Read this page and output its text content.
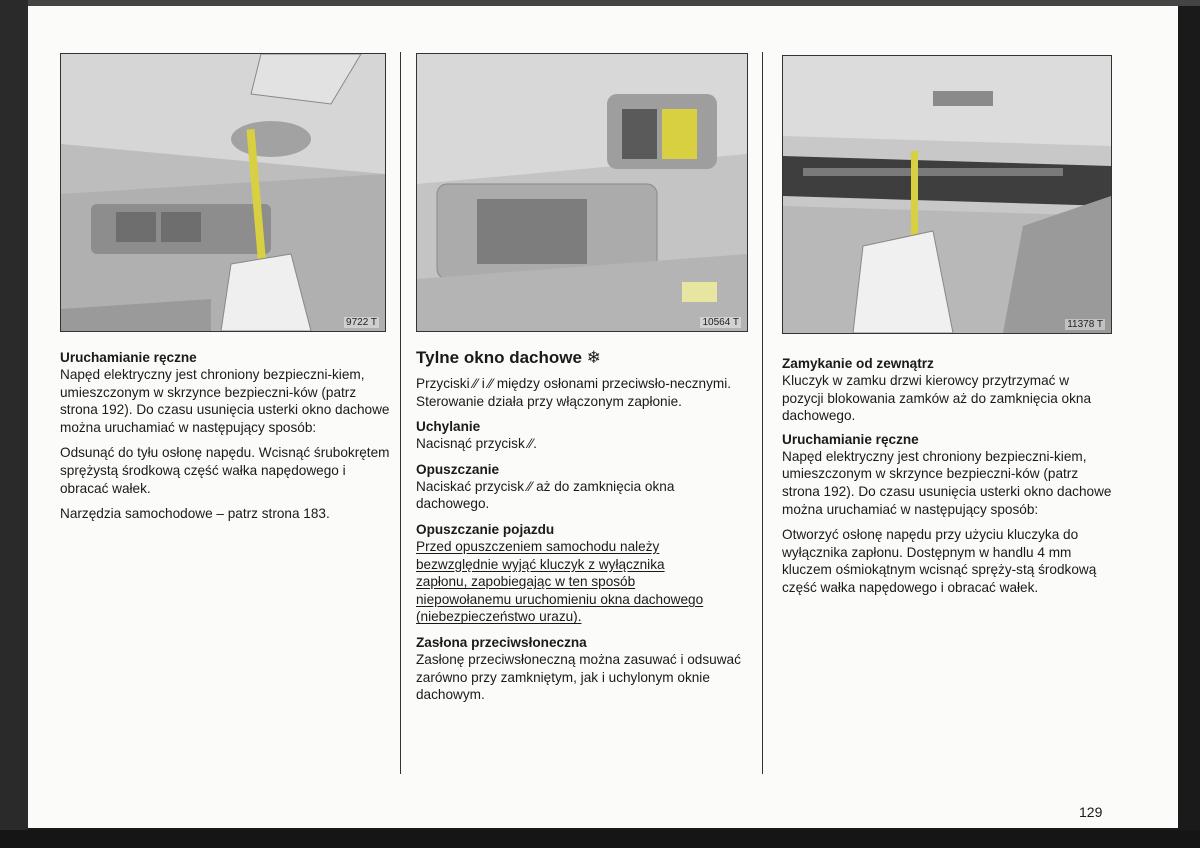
9722 T
Uruchamianie ręczne

Napęd elektryczny jest chroniony bezpieczni-kiem, umieszczonym w skrzynce bezpieczni-ków (patrz strona 192). Do czasu usunięcia usterki okno dachowe można uruchamiać w następujący sposób:

Odsunąć do tyłu osłonę napędu. Wcisnąć śrubokrętem sprężystą środkową część wałka napędowego i obracać wałek.

Narzędzia samochodowe – patrz strona 183.

10564 T
Tylne okno dachowe ❄

Przyciski ⁄⁄ i ⁄⁄ między osłonami przeciwsło-necznymi. Sterowanie działa przy włączonym zapłonie.

Uchylanie

Nacisnąć przycisk ⁄⁄.

Opuszczanie

Naciskać przycisk ⁄⁄ aż do zamknięcia okna dachowego.

Opuszczanie pojazdu

Przed opuszczeniem samochodu należy bezwzględnie wyjąć kluczyk z wyłącznika zapłonu, zapobiegając w ten sposób niepowołanemu uruchomieniu okna dachowego (niebezpieczeństwo urazu).

Zasłona przeciwsłoneczna

Zasłonę przeciwsłoneczną można zasuwać i odsuwać zarówno przy zamkniętym, jak i uchylonym oknie dachowym.

11378 T
Zamykanie od zewnątrz

Kluczyk w zamku drzwi kierowcy przytrzymać w pozycji blokowania zamków aż do zamknięcia okna dachowego.

Uruchamianie ręczne

Napęd elektryczny jest chroniony bezpieczni-kiem, umieszczonym w skrzynce bezpieczni-ków (patrz strona 192). Do czasu usunięcia usterki okno dachowe można uruchamiać w następujący sposób:

Otworzyć osłonę napędu przy użyciu kluczyka do wyłącznika zapłonu. Dostępnym w handlu 4 mm kluczem ośmiokątnym wcisnąć spręży-stą środkową część wałka napędowego i obracać wałek.

129
